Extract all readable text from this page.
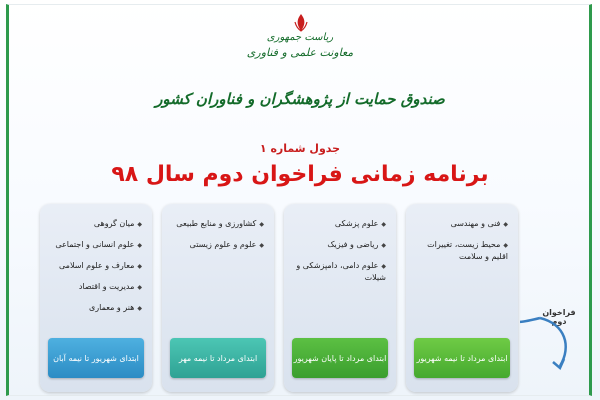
ریاست جمهوری
معاونت علمی و فناوری
صندوق حمایت از پژوهشگران و فناوران کشور
جدول شماره ۱
برنامه زمانی فراخوان دوم سال ۹۸
◆ فنی و مهندسی
◆ محیط زیست، تغییرات اقلیم و سلامت
ابتدای مرداد تا نیمه شهریور
◆ علوم پزشکی
◆ ریاضی و فیزیک
◆ علوم دامی، دامپزشکی و شیلات
ابتدای مرداد تا پایان شهریور
◆ کشاورزی و منابع طبیعی
◆ علوم و علوم زیستی
ابتدای مرداد تا نیمه مهر
◆ میان گروهی
◆ علوم انسانی و اجتماعی
◆ معارف و علوم اسلامی
◆ مدیریت و اقتصاد
◆ هنر و معماری
ابتدای شهریور تا نیمه آبان
فراخوان دوم
